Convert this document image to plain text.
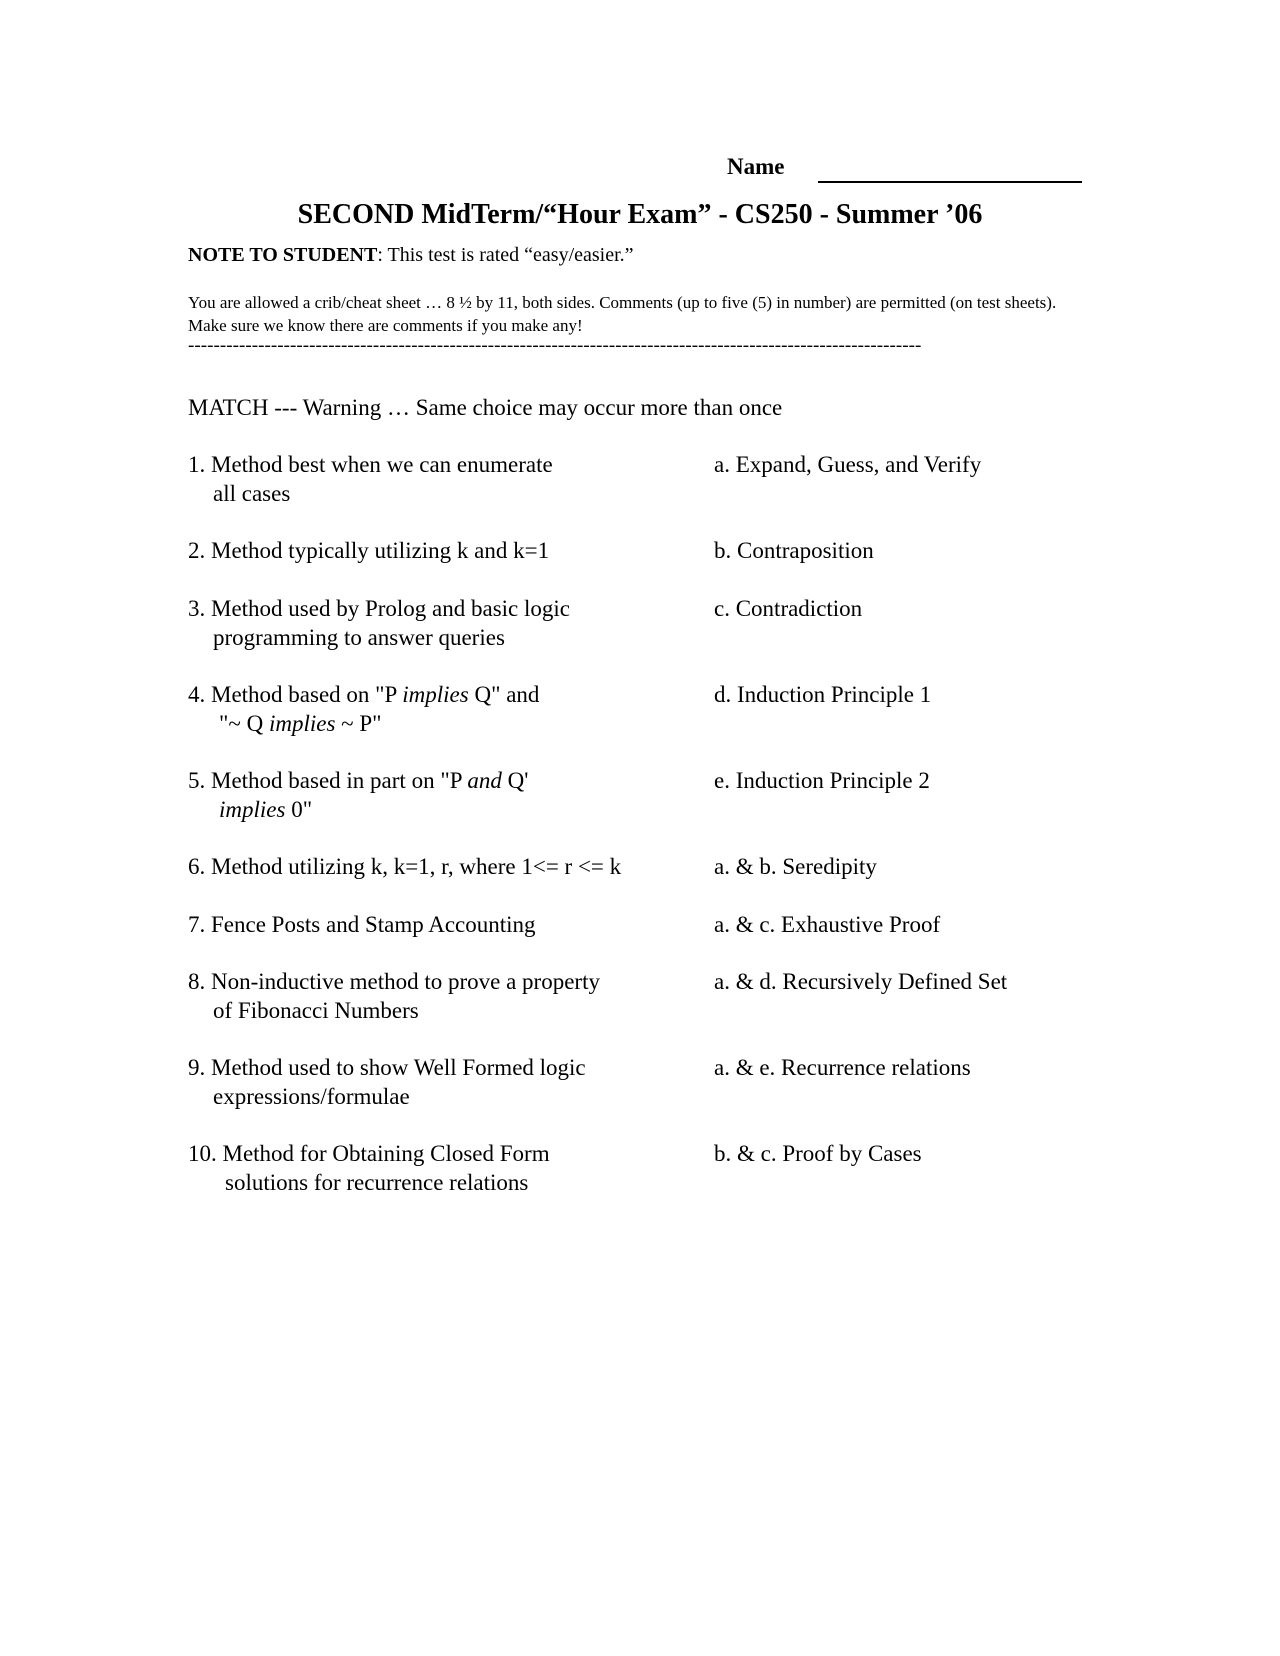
Name
SECOND MidTerm/“Hour Exam” - CS250 - Summer ’06
NOTE TO STUDENT: This test is rated “easy/easier.”
You are allowed a crib/cheat sheet … 8 ½ by 11, both sides. Comments (up to five (5) in number) are permitted (on test sheets). Make sure we know there are comments if you make any!
-------------------------------------------------------------------------------------------------------------------
MATCH --- Warning … Same choice may occur more than once
1. Method best when we can enumerate
all cases
2. Method typically utilizing k and k=1
3. Method used by Prolog and basic logic
programming to answer queries
4. Method based on "P implies Q" and
"~ Q implies ~ P"
5. Method based in part on "P and Q'
implies 0"
6. Method utilizing k, k=1, r, where 1<= r <= k
7. Fence Posts and Stamp Accounting
8. Non-inductive method to prove a property
of Fibonacci Numbers
9. Method used to show Well Formed logic
expressions/formulae
10. Method for Obtaining Closed Form
solutions for recurrence relations
a. Expand, Guess, and Verify
b. Contraposition
c. Contradiction
d. Induction Principle 1
e. Induction Principle 2
a. & b. Seredipity
a. & c. Exhaustive Proof
a. & d. Recursively Defined Set
a. & e. Recurrence relations
b. & c. Proof by Cases
